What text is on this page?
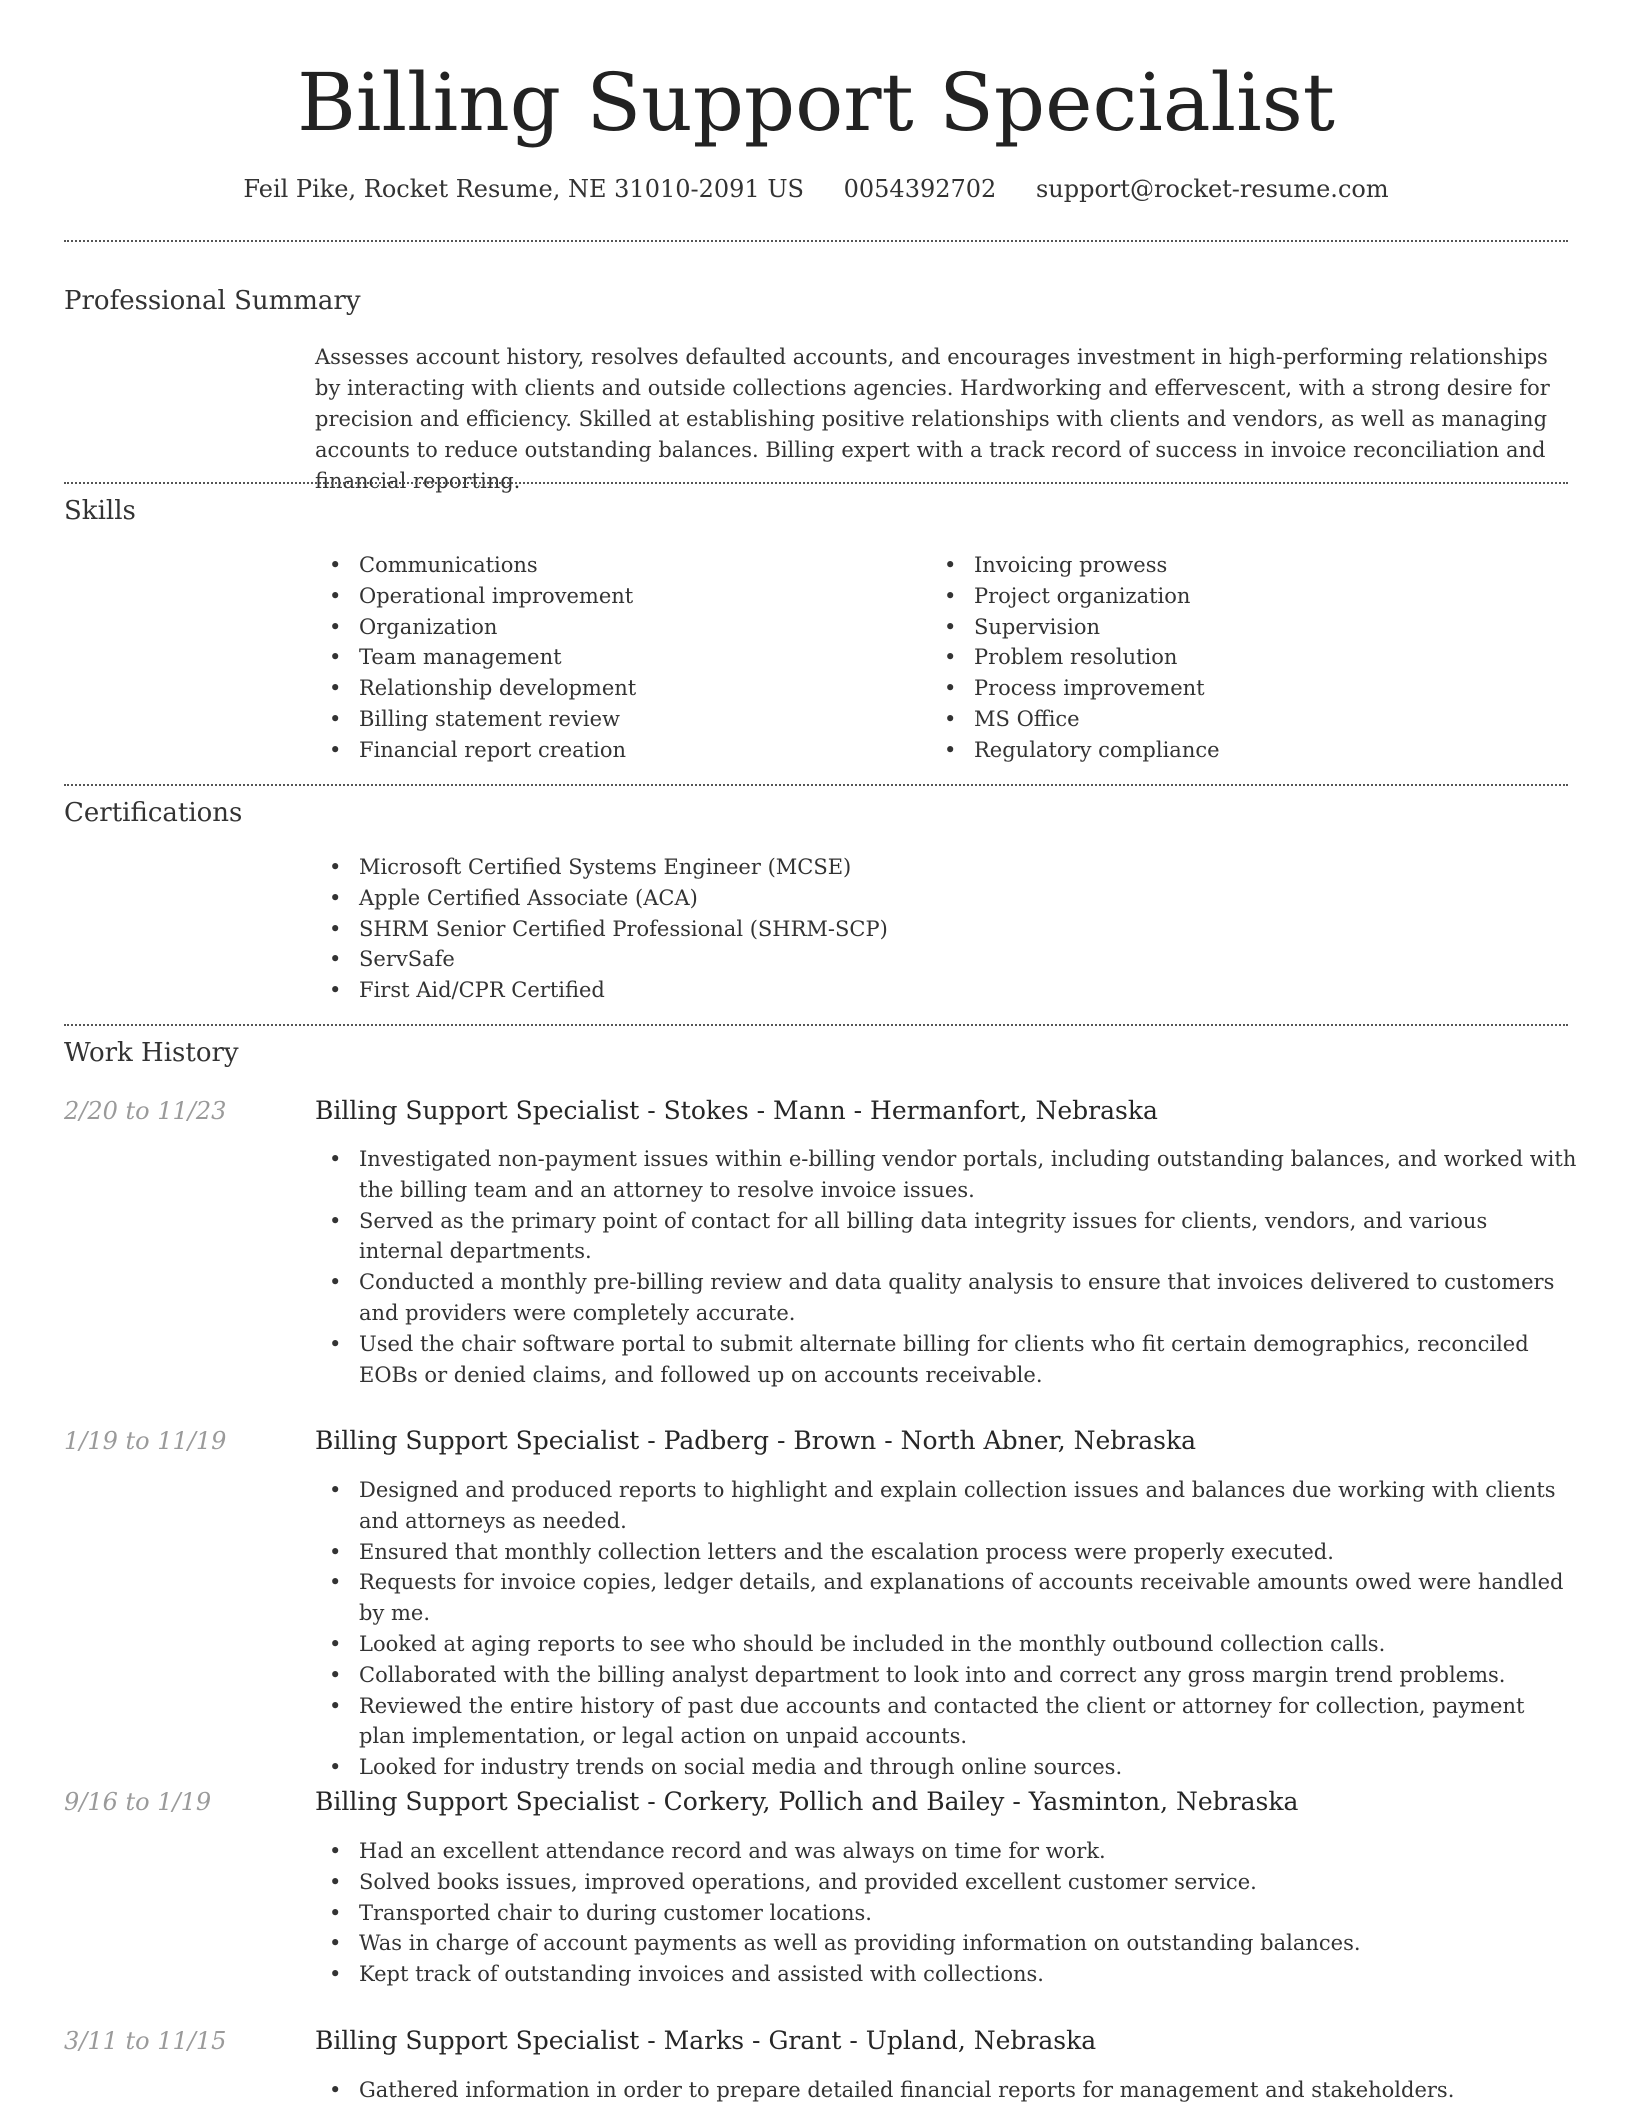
Billing Support Specialist
Feil Pike, Rocket Resume, NE 31010-2091 US 0054392702 support@rocket-resume.com
Professional Summary
Assesses account history, resolves defaulted accounts, and encourages investment in high-performing relationships by interacting with clients and outside collections agencies. Hardworking and effervescent, with a strong desire for precision and efficiency. Skilled at establishing positive relationships with clients and vendors, as well as managing accounts to reduce outstanding balances. Billing expert with a track record of success in invoice reconciliation and financial reporting.
Skills
• Communications
• Operational improvement
• Organization
• Team management
• Relationship development
• Billing statement review
• Financial report creation
• Invoicing prowess
• Project organization
• Supervision
• Problem resolution
• Process improvement
• MS Office
• Regulatory compliance
Certifications
• Microsoft Certified Systems Engineer (MCSE)
• Apple Certified Associate (ACA)
• SHRM Senior Certified Professional (SHRM-SCP)
• ServSafe
• First Aid/CPR Certified
Work History
2/20 to 11/23	Billing Support Specialist - Stokes - Mann - Hermanfort, Nebraska
• Investigated non-payment issues within e-billing vendor portals, including outstanding balances, and worked with the billing team and an attorney to resolve invoice issues.
• Served as the primary point of contact for all billing data integrity issues for clients, vendors, and various internal departments.
• Conducted a monthly pre-billing review and data quality analysis to ensure that invoices delivered to customers and providers were completely accurate.
• Used the chair software portal to submit alternate billing for clients who fit certain demographics, reconciled EOBs or denied claims, and followed up on accounts receivable.
1/19 to 11/19	Billing Support Specialist - Padberg - Brown - North Abner, Nebraska
• Designed and produced reports to highlight and explain collection issues and balances due working with clients and attorneys as needed.
• Ensured that monthly collection letters and the escalation process were properly executed.
• Requests for invoice copies, ledger details, and explanations of accounts receivable amounts owed were handled by me.
• Looked at aging reports to see who should be included in the monthly outbound collection calls.
• Collaborated with the billing analyst department to look into and correct any gross margin trend problems.
• Reviewed the entire history of past due accounts and contacted the client or attorney for collection, payment plan implementation, or legal action on unpaid accounts.
• Looked for industry trends on social media and through online sources.
9/16 to 1/19	Billing Support Specialist - Corkery, Pollich and Bailey - Yasminton, Nebraska
• Had an excellent attendance record and was always on time for work.
• Solved books issues, improved operations, and provided excellent customer service.
• Transported chair to during customer locations.
• Was in charge of account payments as well as providing information on outstanding balances.
• Kept track of outstanding invoices and assisted with collections.
3/11 to 11/15	Billing Support Specialist - Marks - Grant - Upland, Nebraska
• Gathered information in order to prepare detailed financial reports for management and stakeholders.
